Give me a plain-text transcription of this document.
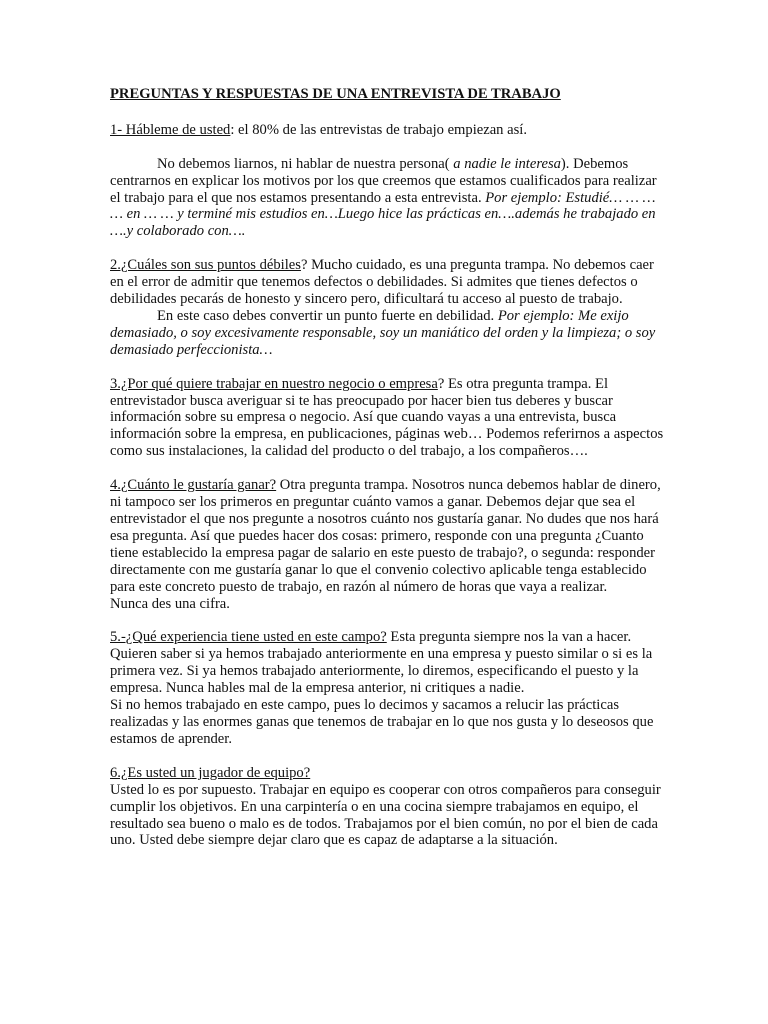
PREGUNTAS Y RESPUESTAS DE UNA ENTREVISTA DE TRABAJO

1- Hábleme de usted: el 80% de las entrevistas de trabajo empiezan así.

No debemos liarnos, ni hablar de nuestra persona( a nadie le interesa). Debemos centrarnos en explicar los motivos por los que creemos que estamos cualificados para realizar el trabajo para el que nos estamos presentando a esta entrevista. Por ejemplo: Estudié… … … … en … … y terminé mis estudios en…Luego hice las prácticas en….además he trabajado en ….y colaborado con….

2.¿Cuáles son sus puntos débiles? Mucho cuidado, es una pregunta trampa. No debemos caer en el error de admitir que tenemos defectos o debilidades. Si admites que tienes defectos o debilidades pecarás de honesto y sincero pero, dificultará tu acceso al puesto de trabajo.

En este caso debes convertir un punto fuerte en debilidad. Por ejemplo: Me exijo demasiado, o soy excesivamente responsable, soy un maniático del orden y la limpieza; o soy demasiado perfeccionista…

3.¿Por qué quiere trabajar en nuestro negocio o empresa? Es otra pregunta trampa. El entrevistador busca averiguar si te has preocupado por hacer bien tus deberes y buscar información sobre su empresa o negocio. Así que cuando vayas a una entrevista, busca información sobre la empresa, en publicaciones, páginas web… Podemos referirnos a aspectos como sus instalaciones, la calidad del producto o del trabajo, a los compañeros….

4.¿Cuánto le gustaría ganar? Otra pregunta trampa. Nosotros nunca debemos hablar de dinero, ni tampoco ser los primeros en preguntar cuánto vamos a ganar. Debemos dejar que sea el entrevistador el que nos pregunte a nosotros cuánto nos gustaría ganar. No dudes que nos hará esa pregunta. Así que puedes hacer dos cosas: primero, responde con una pregunta ¿Cuanto tiene establecido la empresa pagar de salario en este puesto de trabajo?, o segunda: responder directamente con me gustaría ganar lo que el convenio colectivo aplicable tenga establecido para este concreto puesto de trabajo, en razón al número de horas que vaya a realizar.

Nunca des una cifra.

5.-¿Qué experiencia tiene usted en este campo? Esta pregunta siempre nos la van a hacer. Quieren saber si ya hemos trabajado anteriormente en una empresa y puesto similar o si es la primera vez. Si ya hemos trabajado anteriormente, lo diremos, especificando el puesto y la empresa. Nunca hables mal de la empresa anterior, ni critiques a nadie.

Si no hemos trabajado en este campo, pues lo decimos y sacamos a relucir las prácticas realizadas y las enormes ganas que tenemos de trabajar en lo que nos gusta y lo deseosos que estamos de aprender.

6.¿Es usted un jugador de equipo?

Usted lo es por supuesto. Trabajar en equipo es cooperar con otros compañeros para conseguir cumplir los objetivos. En una carpintería o en una cocina siempre trabajamos en equipo, el resultado sea bueno o malo es de todos. Trabajamos por el bien común, no por el bien de cada uno. Usted debe siempre dejar claro que es capaz de adaptarse a la situación.
